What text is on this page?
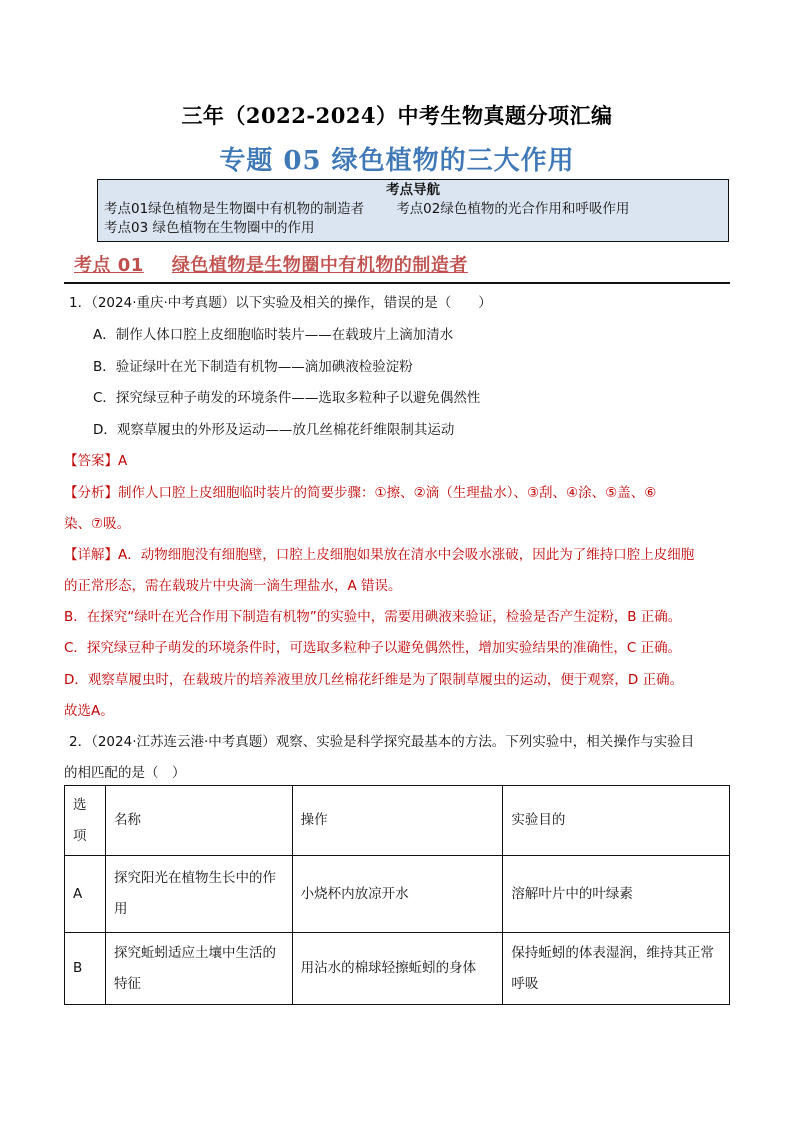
三年（2022-2024）中考生物真题分项汇编
专题 05 绿色植物的三大作用
考点导航
考点01绿色植物是生物圈中有机物的制造者 考点02绿色植物的光合作用和呼吸作用
考点03 绿色植物在生物圈中的作用
考点 01 绿色植物是生物圈中有机物的制造者
1．（2024·重庆·中考真题）以下实验及相关的操作，错误的是（　　）
A．制作人体口腔上皮细胞临时装片——在载玻片上滴加清水
B．验证绿叶在光下制造有机物——滴加碘液检验淀粉
C．探究绿豆种子萌发的环境条件——选取多粒种子以避免偶然性
D．观察草履虫的外形及运动——放几丝棉花纤维限制其运动
【答案】A
【分析】制作人口腔上皮细胞临时装片的简要步骤：①擦、②滴（生理盐水）、③刮、④涂、⑤盖、⑥
染、⑦吸。
【详解】A．动物细胞没有细胞壁，口腔上皮细胞如果放在清水中会吸水涨破，因此为了维持口腔上皮细胞
的正常形态，需在载玻片中央滴一滴生理盐水，A 错误。
B．在探究“绿叶在光合作用下制造有机物”的实验中，需要用碘液来验证，检验是否产生淀粉，B 正确。
C．探究绿豆种子萌发的环境条件时，可选取多粒种子以避免偶然性，增加实验结果的准确性，C 正确。
D．观察草履虫时，在载玻片的培养液里放几丝棉花纤维是为了限制草履虫的运动，便于观察，D 正确。
故选A。
2．（2024·江苏连云港·中考真题）观察、实验是科学探究最基本的方法。下列实验中，相关操作与实验目
的相匹配的是（　）
选项	名称	操作	实验目的
A	探究阳光在植物生长中的作用	小烧杯内放凉开水	溶解叶片中的叶绿素
B	探究蚯蚓适应土壤中生活的特征	用沾水的棉球轻擦蚯蚓的身体	保持蚯蚓的体表湿润，维持其正常呼吸
